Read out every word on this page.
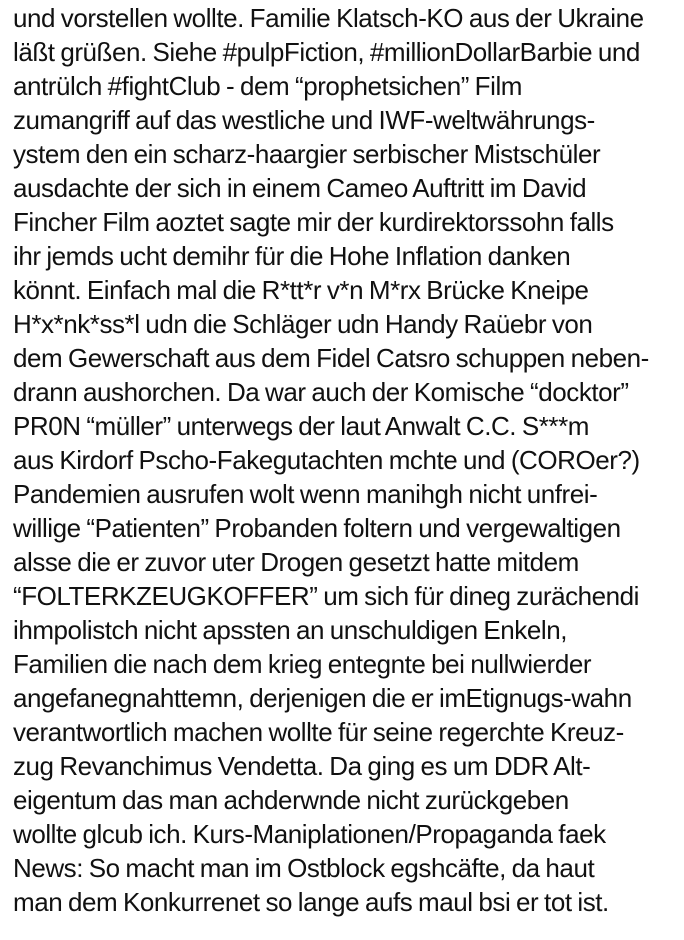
und vorstellen wollte. Familie Klatsch-KO aus der Ukraine
läßt grüßen. Siehe #pulpFiction, #millionDollarBarbie und
antrülch #fightClub - dem “prophetsichen” Film
zumangriff auf das westliche und IWF-weltwährungs-
ystem den ein scharz-haargier serbischer Mistschüler
ausdachte der sich in einem Cameo Auftritt im David
Fincher Film aoztet sagte mir der kurdirektorssohn falls
ihr jemds ucht demihr für die Hohe Inflation danken
könnt. Einfach mal die R*tt*r v*n M*rx Brücke Kneipe
H*x*nk*ss*l udn die Schläger udn Handy Raüebr von
dem Gewerschaft aus dem Fidel Catsro schuppen neben-
drann aushorchen. Da war auch der Komische “docktor”
PR0N “müller” unterwegs der laut Anwalt C.C. S***m
aus Kirdorf Pscho-Fakegutachten mchte und (COROer?)
Pandemien ausrufen wolt wenn manihgh nicht unfrei-
willige “Patienten” Probanden foltern und vergewaltigen
alsse die er zuvor uter Drogen gesetzt hatte mitdem
“FOLTERKZEUGKOFFER” um sich für dineg zurächendi
ihmpolistch nicht apssten an unschuldigen Enkeln,
Familien die nach dem krieg entegnte bei nullwierder
angefanegnahttemn, derjenigen die er imEtignugs-wahn
verantwortlich machen wollte für seine regerchte Kreuz-
zug Revanchimus Vendetta. Da ging es um DDR Alt-
eigentum das man achderwnde nicht zurückgeben
wollte glcub ich. Kurs-Maniplationen/Propaganda faek
News: So macht man im Ostblock egshcäfte, da haut
man dem Konkurrenet so lange aufs maul bsi er tot ist.
